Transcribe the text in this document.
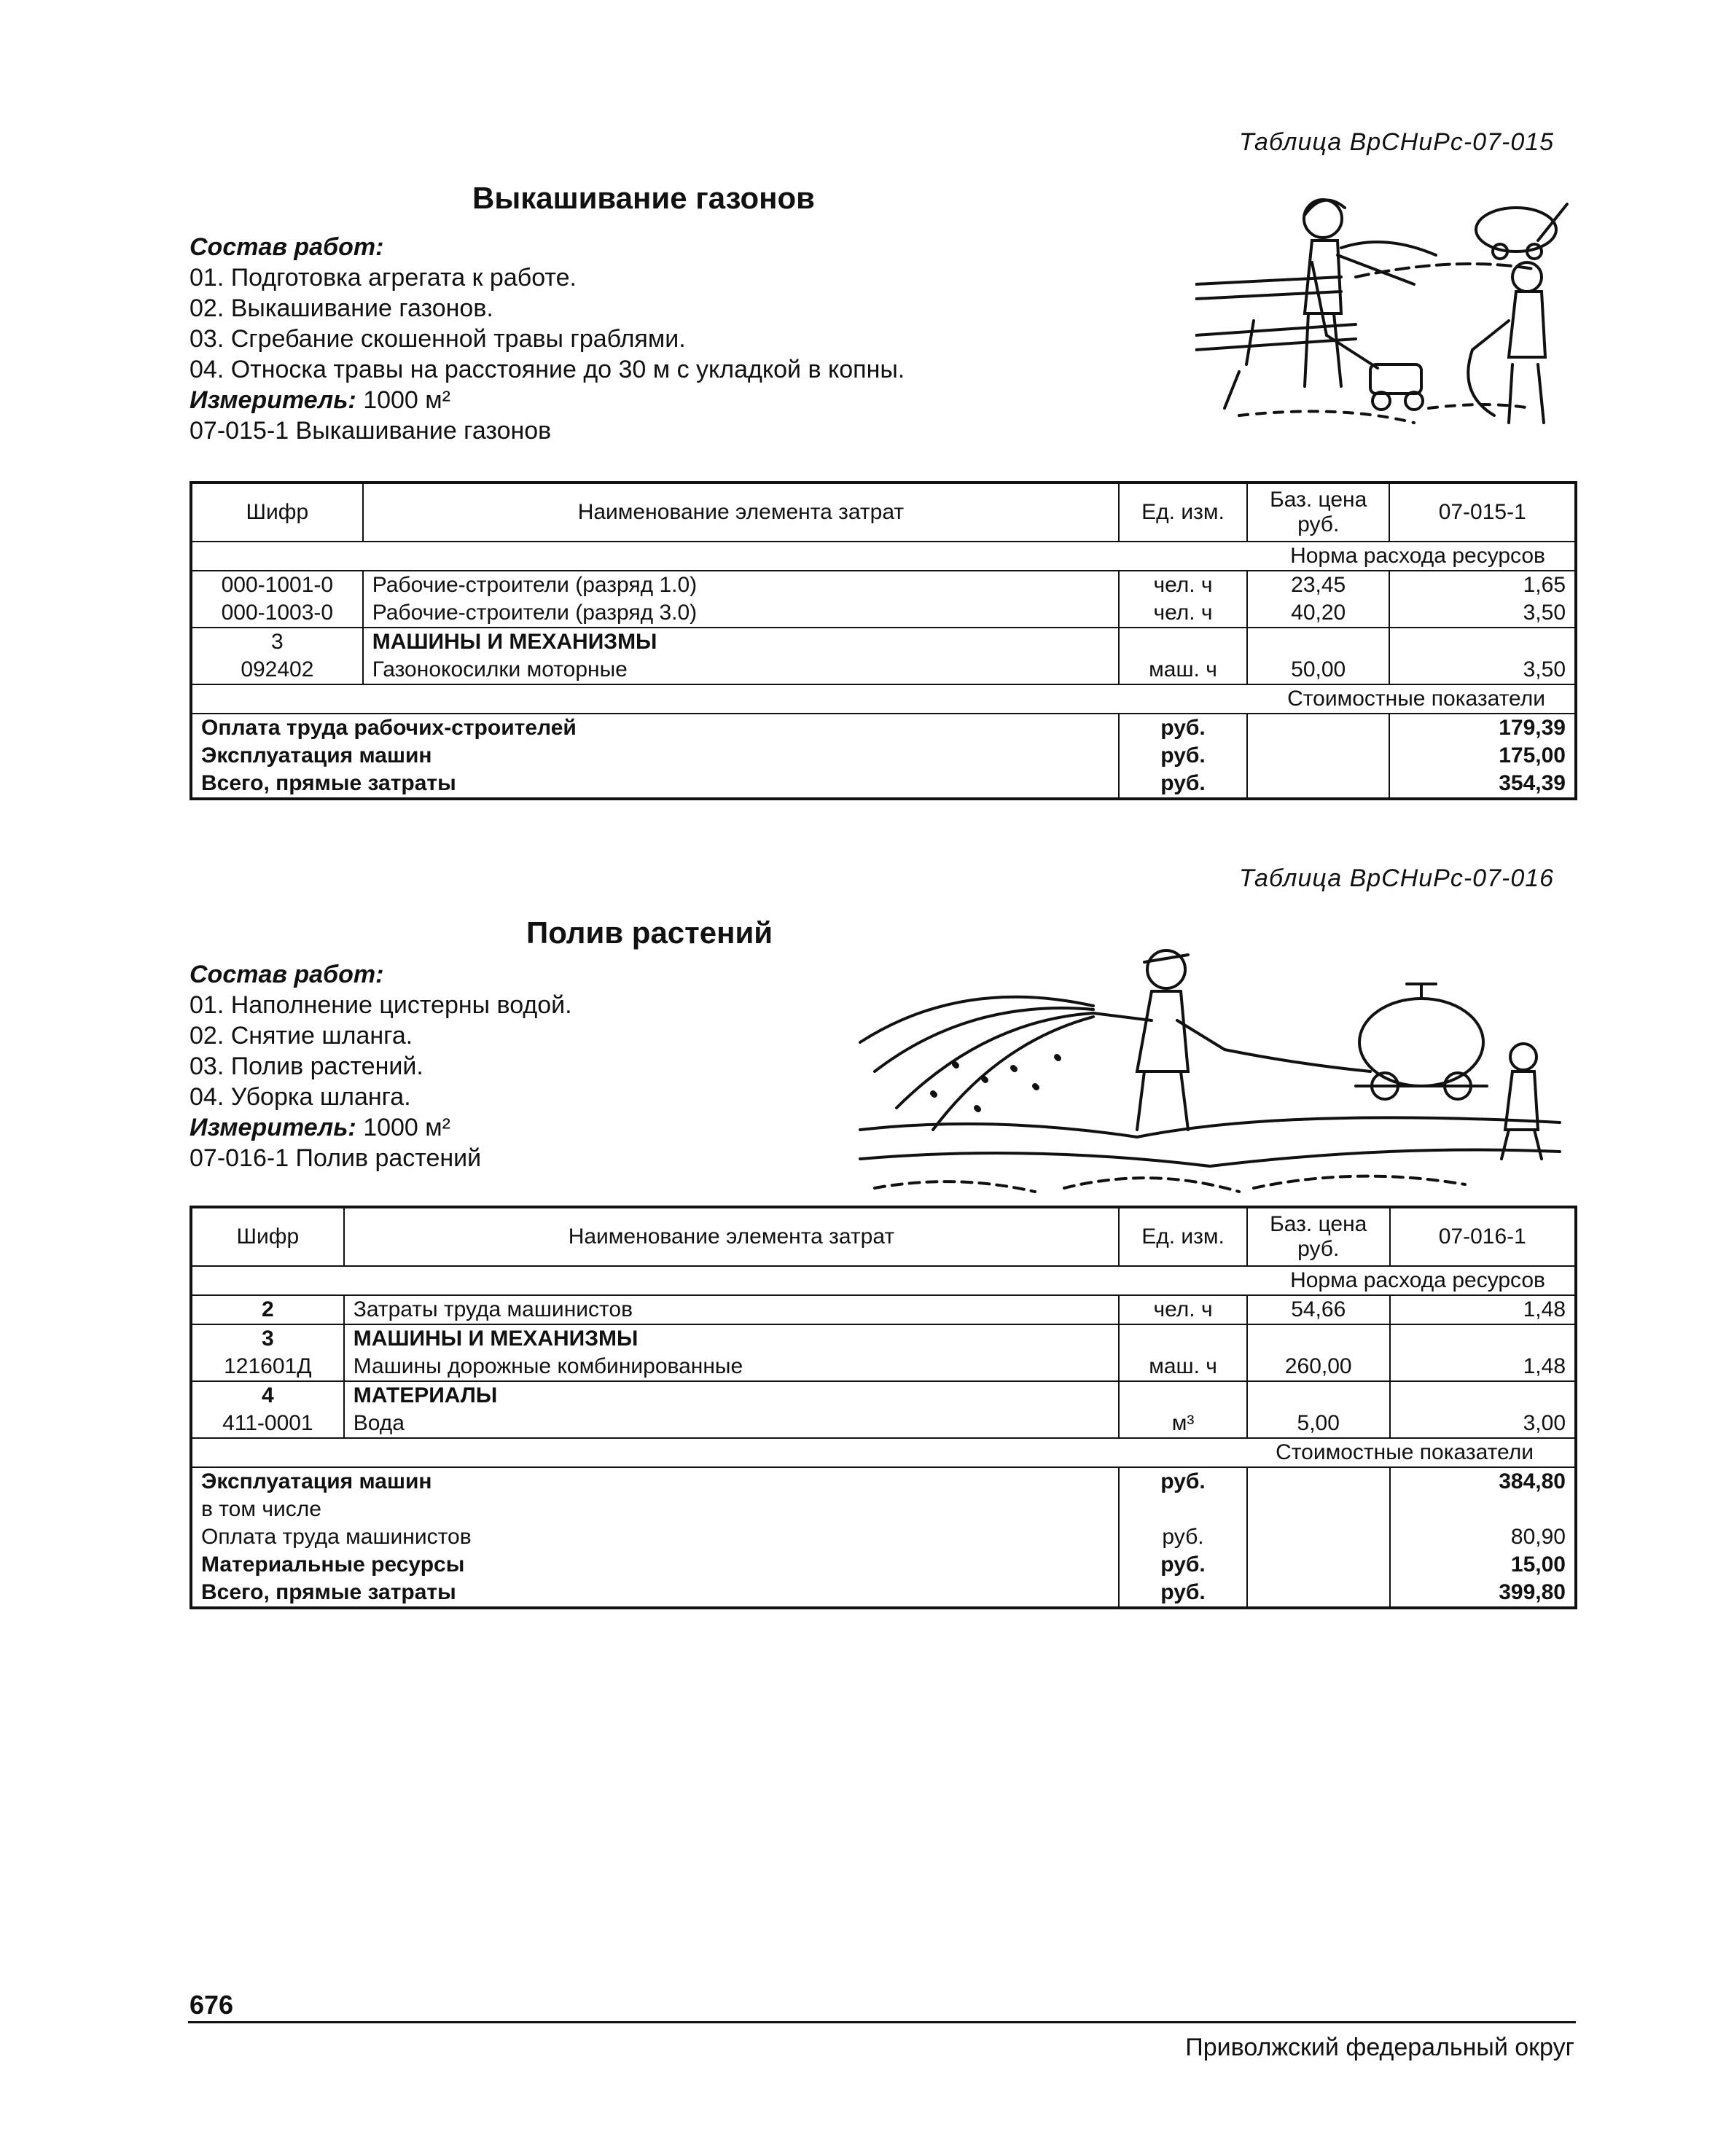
Таблица ВрСНиРс-07-015
Выкашивание газонов
Состав работ:
01. Подготовка агрегата к работе.
02. Выкашивание газонов.
03. Сгребание скошенной травы граблями.
04. Относка травы на расстояние до 30 м с укладкой в копны.
Измеритель: 1000 м²
07-015-1 Выкашивание газонов
Шифр	Наименование элемента затрат	Ед. изм.	Баз. цена руб.	07-015-1
Норма расхода ресурсов				
000-1001-0	Рабочие-строители (разряд 1.0)	чел. ч	23,45	1,65
000-1003-0	Рабочие-строители (разряд 3.0)	чел. ч	40,20	3,50
3	МАШИНЫ И МЕХАНИЗМЫ			
092402	Газонокосилки моторные	маш. ч	50,00	3,50
Стоимостные показатели				
Оплата труда рабочих-строителей		руб.		179,39
Эксплуатация машин		руб.		175,00
Всего, прямые затраты		руб.		354,39
Таблица ВрСНиРс-07-016
Полив растений
Состав работ:
01. Наполнение цистерны водой.
02. Снятие шланга.
03. Полив растений.
04. Уборка шланга.
Измеритель: 1000 м²
07-016-1 Полив растений
Шифр	Наименование элемента затрат	Ед. изм.	Баз. цена руб.	07-016-1
Норма расхода ресурсов				
2	Затраты труда машинистов	чел. ч	54,66	1,48
3	МАШИНЫ И МЕХАНИЗМЫ			
121601Д	Машины дорожные комбинированные	маш. ч	260,00	1,48
4	МАТЕРИАЛЫ			
411-0001	Вода	м³	5,00	3,00
Стоимостные показатели				
Эксплуатация машин		руб.		384,80
в том числе				
Оплата труда машинистов		руб.		80,90
Материальные ресурсы		руб.		15,00
Всего, прямые затраты		руб.		399,80
676
Приволжский федеральный округ
